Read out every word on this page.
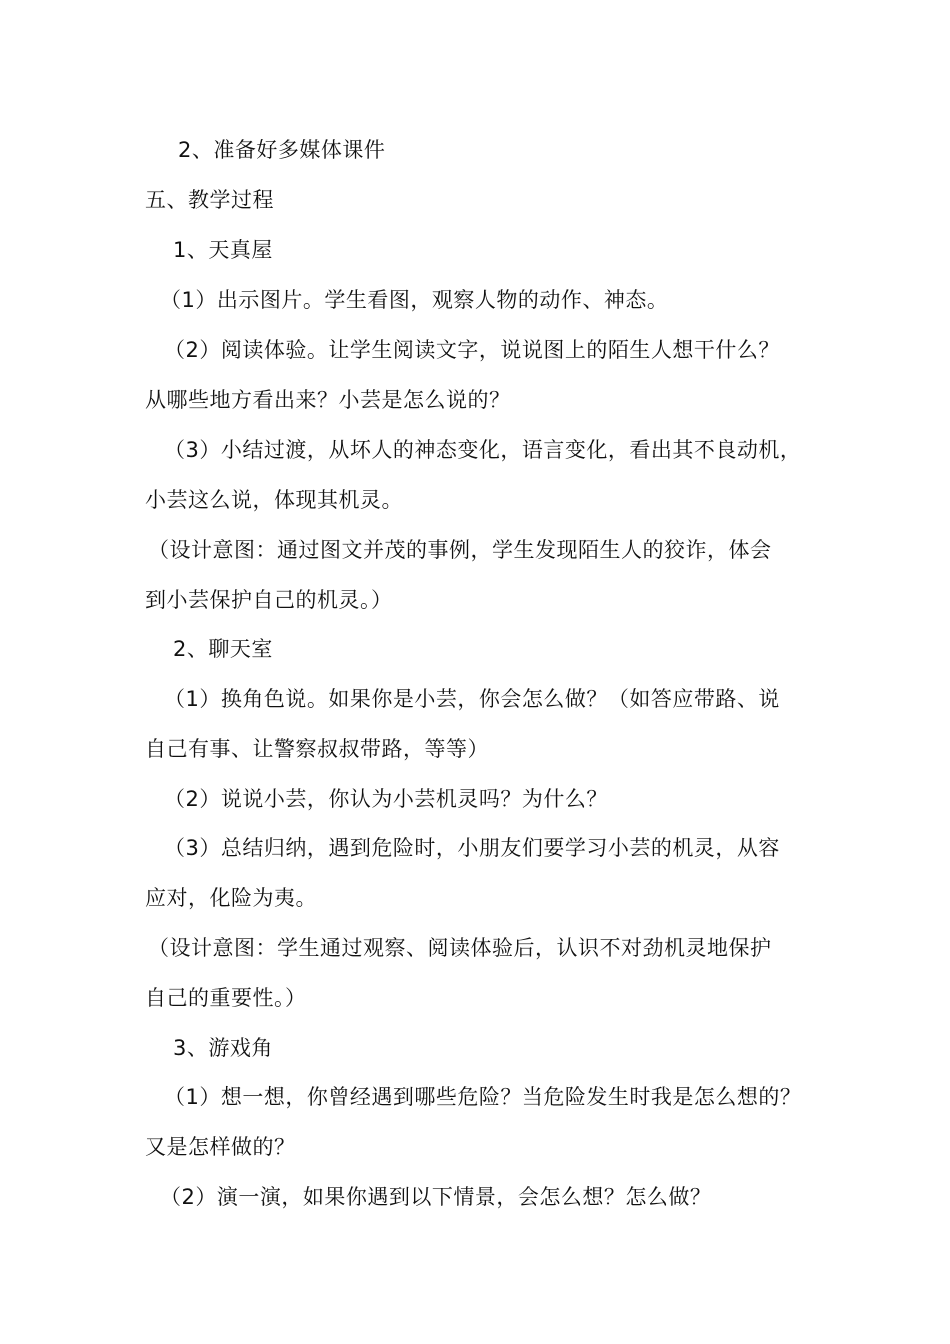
2、准备好多媒体课件
五、教学过程
1、天真屋
（1）出示图片。学生看图，观察人物的动作、神态。
（2）阅读体验。让学生阅读文字，说说图上的陌生人想干什么？
从哪些地方看出来？小芸是怎么说的？
（3）小结过渡，从坏人的神态变化，语言变化，看出其不良动机，
小芸这么说，体现其机灵。
（设计意图：通过图文并茂的事例，学生发现陌生人的狡诈，体会
到小芸保护自己的机灵。）
2、聊天室
（1）换角色说。如果你是小芸，你会怎么做？（如答应带路、说
自己有事、让警察叔叔带路，等等）
（2）说说小芸，你认为小芸机灵吗？为什么？
（3）总结归纳，遇到危险时，小朋友们要学习小芸的机灵，从容
应对，化险为夷。
（设计意图：学生通过观察、阅读体验后，认识不对劲机灵地保护
自己的重要性。）
3、游戏角
（1）想一想，你曾经遇到哪些危险？当危险发生时我是怎么想的？
又是怎样做的？
（2）演一演，如果你遇到以下情景，会怎么想？怎么做？
